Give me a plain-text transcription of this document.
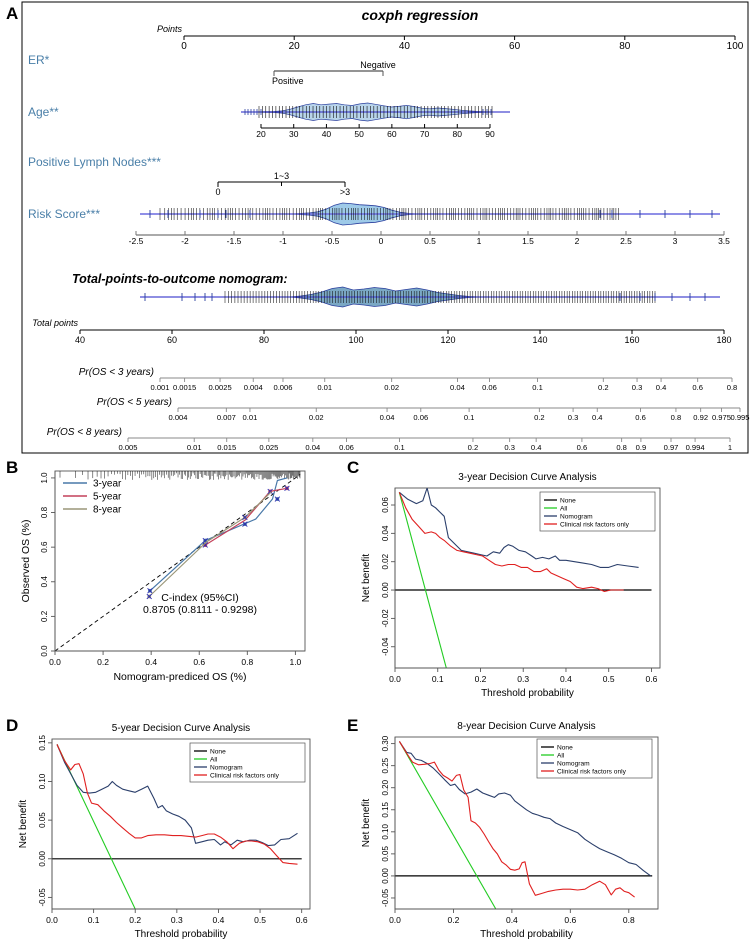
A	coxph regression
Points
0	20	40	60	80	100
ER*
Positive
Negative
Age**
20	30	40	50	60	70	80	90
Positive Lymph Nodes***
0
1~3
>3
Risk Score***
-2.5	-2	-1.5	-1	-0.5	0	0.5	1	1.5	2	2.5	3	3.5
Total-points-to-outcome nomogram:
Total points
40	60	80	100	120	140	160	180
Pr(OS < 3 years)
0.001 0.0015 0.0025 0.004 0.006	0.01	0.02	0.04 0.06	0.1	0.2	0.3 0.4	0.6	0.8
Pr(OS < 5 years)
0.004	0.007 0.01	0.02	0.04 0.06	0.1	0.2	0.3 0.4	0.6	0.8 0.92 0.975 0.995
Pr(OS < 8 years)
0.005	0.01 0.015	0.025	0.04 0.06	0.1	0.2	0.3 0.4	0.6	0.8 0.9 0.97 0.994	1
B
0.0	0.2	0.4	0.6	0.8	1.0
Nomogram-prediced OS (%)
0.0
0.2
0.4
0.6
0.8
1.0
Observed OS (%)
3-year
5-year
8-year
C-index (95%CI)
0.8705 (0.8111 - 0.9298)
C
3-year Decision Curve Analysis
0.0	0.1	0.2	0.3	0.4	0.5	0.6
Threshold probability
-0.04
-0.02
0.00
0.02
0.04
0.06
Net benefit
None
All
Nomogram
Clinical risk factors only
D	5-year Decision Curve Analysis
0.0	0.1	0.2	0.3	0.4	0.5	0.6
Threshold probability
-0.05
0.00
0.05
0.10
0.15
Net benefit
None
All
Nomogram
Clinical risk factors only
E	8-year Decision Curve Analysis
0.0	0.2	0.4	0.6	0.8
Threshold probability
-0.05
0.00
0.05
0.10
0.15
0.20
0.25
0.30
Net benefit
None
All
Nomogram
Clinical risk factors only
